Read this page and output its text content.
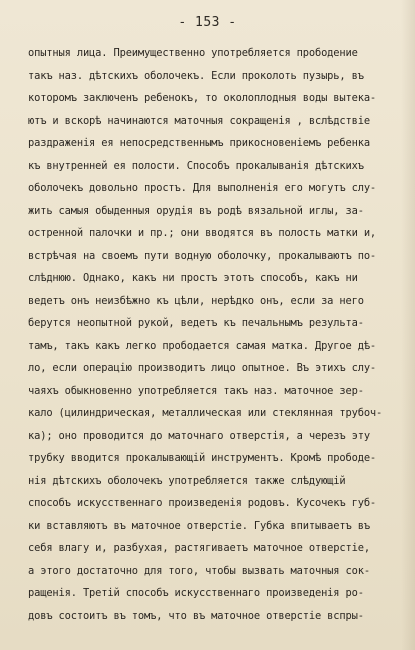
- 153 -
опытныя лица. Преимущественно употребляется прободение
такъ наз. дѣтскихъ оболочекъ. Если проколоть пузырь, въ
которомъ заключенъ ребенокъ, то околоплодныя воды вытека-
ютъ и вскорѣ начинаются маточныя сокращенія , вслѣдствіе
раздраженія ея непосредственнымъ прикосновеніемъ ребенка
къ внутренней ея полости. Способъ прокалыванія дѣтскихъ
оболочекъ довольно простъ. Для выполненія его могутъ слу-
жить самыя обыденныя орудія въ родѣ вязальной иглы, за-
остренной палочки и пр.; они вводятся въ полость матки и,
встрѣчая на своемъ пути водную оболочку, прокалываютъ по-
слѣднюю. Однако, какъ ни простъ этотъ способъ, какъ ни
ведетъ онъ неизбѣжно къ цѣли, нерѣдко онъ, если за него
берутся неопытной рукой, ведетъ къ печальнымъ результа-
тамъ, такъ какъ легко прободается самая матка. Другое дѣ-
ло, если операцію производитъ лицо опытное. Въ этихъ слу-
чаяхъ обыкновенно употребляется такъ наз. маточное зер-
кало (цилиндрическая, металлическая или стеклянная трубоч-
ка); оно проводится до маточнаго отверстія, а черезъ эту
трубку вводится прокалывающій инструментъ. Кромѣ прободе-
нія дѣтскихъ оболочекъ употребляется также слѣдующій
способъ искусственнаго произведенія родовъ. Кусочекъ губ-
ки вставляютъ въ маточное отверстіе. Губка впитываетъ въ
себя влагу и, разбухая, растягиваетъ маточное отверстіе,
а этого достаточно для того, чтобы вызвать маточныя сок-
ращенія. Третій способъ искусственнаго произведенія ро-
довъ состоитъ въ томъ, что въ маточное отверстіе вспры-
